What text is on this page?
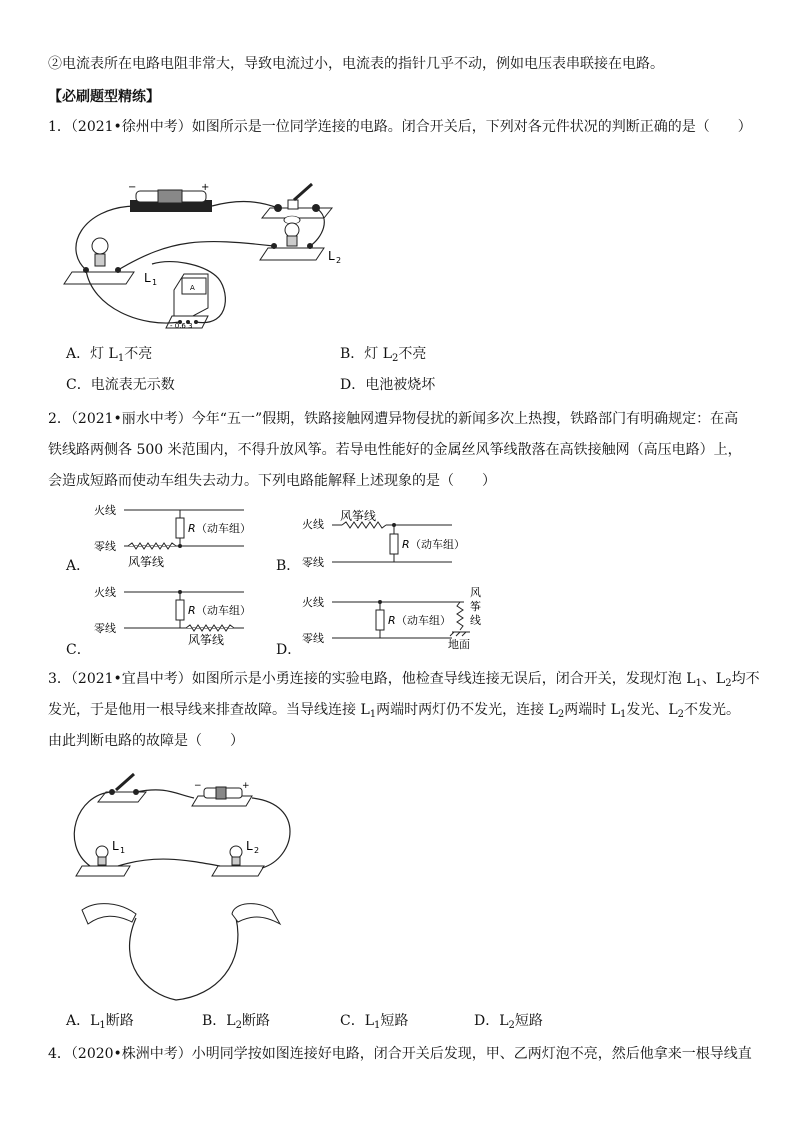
②电流表所在电路电阻非常大，导致电流过小，电流表的指针几乎不动，例如电压表串联接在电路。
【必刷题型精练】
1．（2021•徐州中考）如图所示是一位同学连接的电路。闭合开关后，下列对各元件状况的判断正确的是（　　）
−	+
L 1
L 2
A
- 0.6 3
A．灯 $L_1$不亮	B．灯 $L_2$不亮
C．电流表无示数	D．电池被烧坏
2．（2021•丽水中考）今年“五一”假期，铁路接触网遭异物侵扰的新闻多次上热搜，铁路部门有明确规定：在高
铁线路两侧各 500 米范围内，不得升放风筝。若导电性能好的金属丝风筝线散落在高铁接触网（高压电路）上，
会造成短路而使动车组失去动力。下列电路能解释上述现象的是（　　）
火线
零线
R （动车组）
风筝线
A．
火线
零线
风筝线
R （动车组）
B．
火线
零线
R （动车组）
风筝线
C．
火线
零线
R （动车组）
风
筝
线
地面
D．
3．（2021•宜昌中考）如图所示是小勇连接的实验电路，他检查导线连接无误后，闭合开关，发现灯泡 $L_1$、$L_2$均不
发光，于是他用一根导线来排查故障。当导线连接 $L_1$两端时两灯仍不发光，连接 $L_2$两端时 $L_1$发光、$L_2$不发光。
由此判断电路的故障是（　　）
−	+
L 1	L 2
A．$L_1$断路	B．$L_2$断路	C．$L_1$短路	D．$L_2$短路
4．（2020•株洲中考）小明同学按如图连接好电路，闭合开关后发现，甲、乙两灯泡不亮，然后他拿来一根导线直
